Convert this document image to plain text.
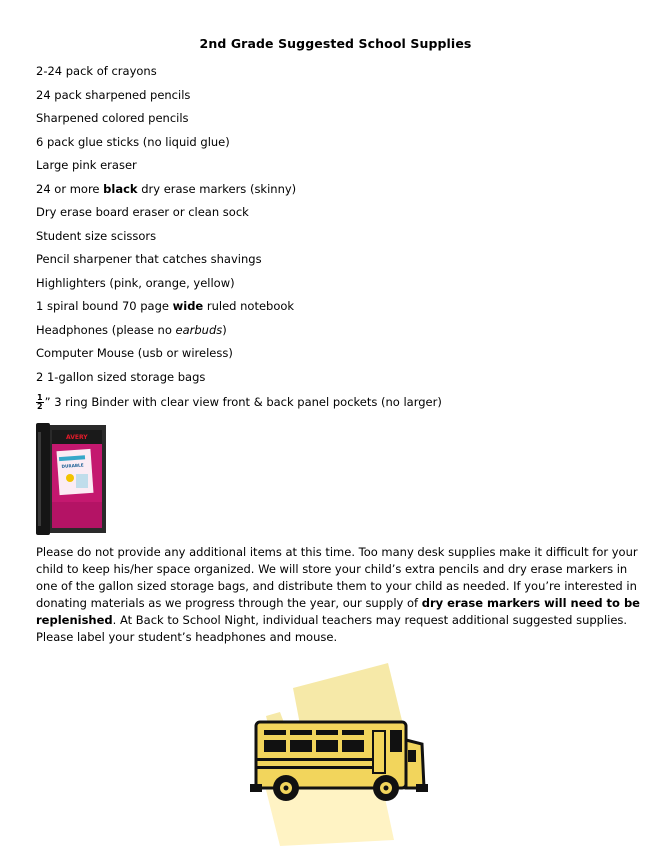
2nd Grade Suggested School Supplies
2-24 pack of crayons
24 pack sharpened pencils
Sharpened colored pencils
6 pack glue sticks (no liquid glue)
Large pink eraser
24 or more black dry erase markers (skinny)
Dry erase board eraser or clean sock
Student size scissors
Pencil sharpener that catches shavings
Highlighters (pink, orange, yellow)
1 spiral bound 70 page wide ruled notebook
Headphones (please no earbuds)
Computer Mouse (usb or wireless)
2 1-gallon sized storage bags
$\frac{1}{2}$ ” 3 ring Binder with clear view front & back panel pockets (no larger)
AVERY
DURABLE

Please do not provide any additional items at this time. Too many desk supplies make it difficult for your child to keep his/her space organized. We will store your child’s extra pencils and dry erase markers in one of the gallon sized storage bags, and distribute them to your child as needed. If you’re interested in donating materials as we progress through the year, our supply of dry erase markers will need to be replenished. At Back to School Night, individual teachers may request additional suggested supplies. Please label your student’s headphones and mouse.
